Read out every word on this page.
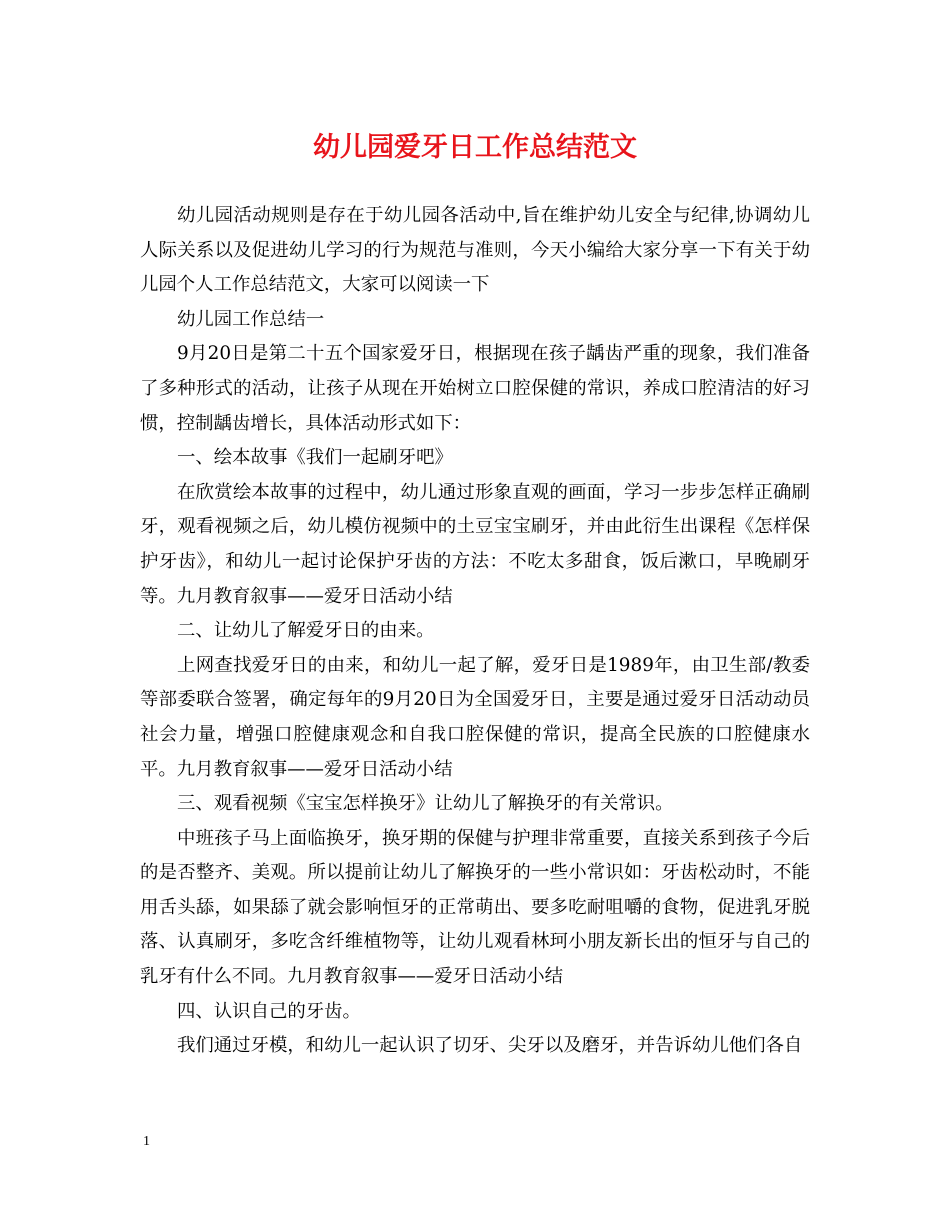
幼儿园爱牙日工作总结范文

幼儿园活动规则是存在于幼儿园各活动中,旨在维护幼儿安全与纪律,协调幼儿人际关系以及促进幼儿学习的行为规范与准则，今天小编给大家分享一下有关于幼儿园个人工作总结范文，大家可以阅读一下

幼儿园工作总结一

9月20日是第二十五个国家爱牙日，根据现在孩子龋齿严重的现象，我们准备了多种形式的活动，让孩子从现在开始树立口腔保健的常识，养成口腔清洁的好习惯，控制龋齿增长，具体活动形式如下：

一、绘本故事《我们一起刷牙吧》

在欣赏绘本故事的过程中，幼儿通过形象直观的画面，学习一步步怎样正确刷牙，观看视频之后，幼儿模仿视频中的土豆宝宝刷牙，并由此衍生出课程《怎样保护牙齿》，和幼儿一起讨论保护牙齿的方法：不吃太多甜食，饭后漱口，早晚刷牙等。九月教育叙事——爱牙日活动小结

二、让幼儿了解爱牙日的由来。

上网查找爱牙日的由来，和幼儿一起了解，爱牙日是1989年，由卫生部/教委等部委联合签署，确定每年的9月20日为全国爱牙日，主要是通过爱牙日活动动员社会力量，增强口腔健康观念和自我口腔保健的常识，提高全民族的口腔健康水平。九月教育叙事——爱牙日活动小结

三、观看视频《宝宝怎样换牙》让幼儿了解换牙的有关常识。

中班孩子马上面临换牙，换牙期的保健与护理非常重要，直接关系到孩子今后的是否整齐、美观。所以提前让幼儿了解换牙的一些小常识如：牙齿松动时，不能用舌头舔，如果舔了就会影响恒牙的正常萌出、要多吃耐咀嚼的食物，促进乳牙脱落、认真刷牙，多吃含纤维植物等，让幼儿观看林珂小朋友新长出的恒牙与自己的乳牙有什么不同。九月教育叙事——爱牙日活动小结

四、认识自己的牙齿。

我们通过牙模，和幼儿一起认识了切牙、尖牙以及磨牙，并告诉幼儿他们各自

1
